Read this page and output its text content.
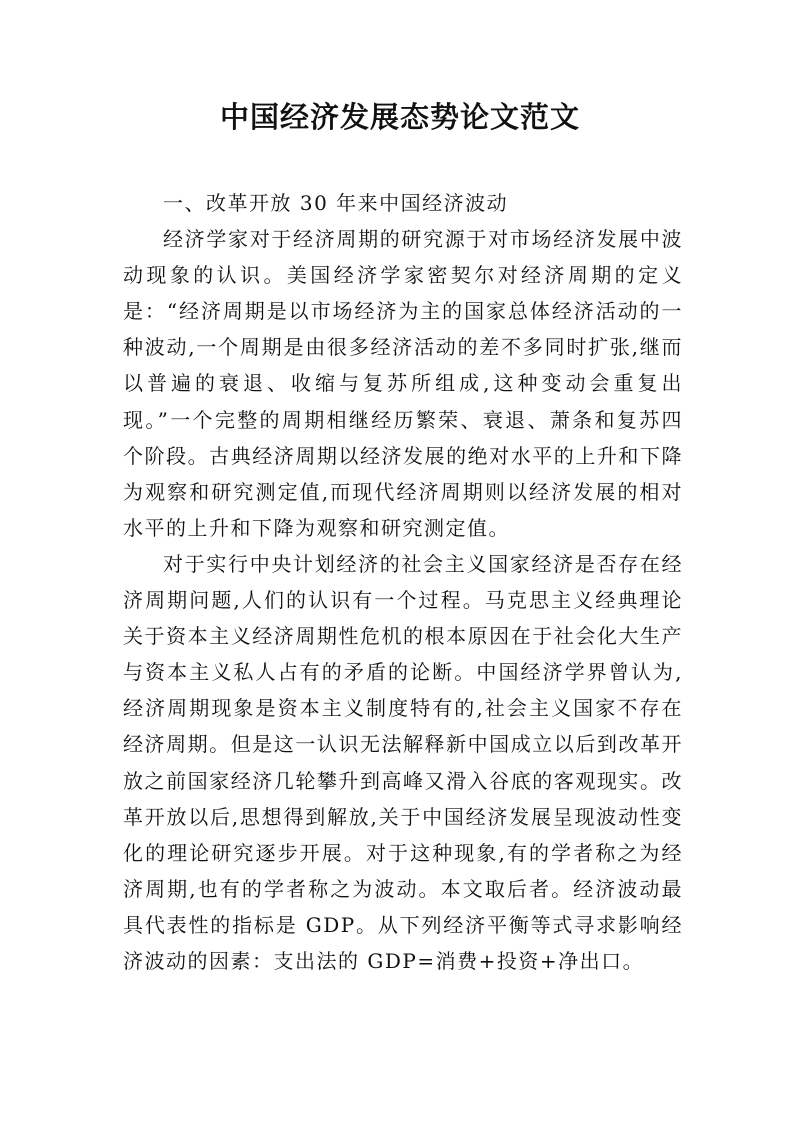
中国经济发展态势论文范文

一、改革开放 30 年来中国经济波动

经济学家对于经济周期的研究源于对市场经济发展中波动现象的认识。美国经济学家密契尔对经济周期的定义是：“经济周期是以市场经济为主的国家总体经济活动的一种波动,一个周期是由很多经济活动的差不多同时扩张,继而以普遍的衰退、收缩与复苏所组成,这种变动会重复出现。”一个完整的周期相继经历繁荣、衰退、萧条和复苏四个阶段。古典经济周期以经济发展的绝对水平的上升和下降为观察和研究测定值,而现代经济周期则以经济发展的相对水平的上升和下降为观察和研究测定值。

对于实行中央计划经济的社会主义国家经济是否存在经济周期问题,人们的认识有一个过程。马克思主义经典理论关于资本主义经济周期性危机的根本原因在于社会化大生产与资本主义私人占有的矛盾的论断。中国经济学界曾认为,经济周期现象是资本主义制度特有的,社会主义国家不存在经济周期。但是这一认识无法解释新中国成立以后到改革开放之前国家经济几轮攀升到高峰又滑入谷底的客观现实。改革开放以后,思想得到解放,关于中国经济发展呈现波动性变化的理论研究逐步开展。对于这种现象,有的学者称之为经济周期,也有的学者称之为波动。本文取后者。经济波动最具代表性的指标是 GDP。从下列经济平衡等式寻求影响经济波动的因素：支出法的 GDP=消费+投资+净出口。
